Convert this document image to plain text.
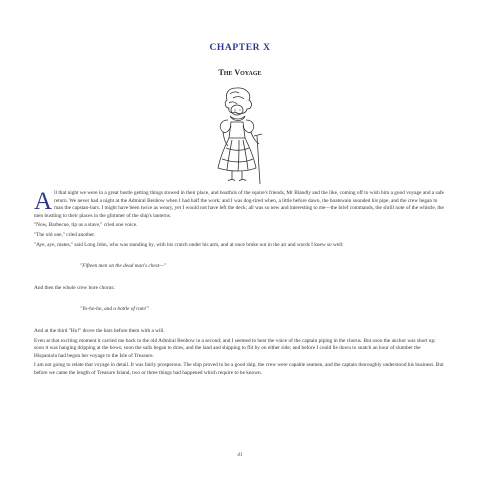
CHAPTER X
The Voyage
All that night we were in a great bustle getting things stowed in their place, and boatfuls of the squire's friends, Mr Blandly and the like, coming off to wish him a good voyage and a safe return. We never had a night at the Admiral Benbow when I had half the work; and I was dog-tired when, a little before dawn, the boatswain sounded his pipe, and the crew began to man the capstan-bars. I might have been twice as weary, yet I would not have left the deck; all was so new and interesting to me—the brief commands, the shrill note of the whistle, the men bustling to their places in the glimmer of the ship's lanterns.
"Now, Barbecue, tip us a stave," cried one voice.
"The old one," cried another.
"Aye, aye, mates," said Long John, who was standing by, with his crutch under his arm, and at once broke out in the air and words I knew so well:
"Fifteen men on the dead man's chest—"
And then the whole crew bore chorus:
"Yo-ho-ho, and a bottle of rum!"
And at the third "Ho!" drove the bars before them with a will.
Even at that exciting moment it carried me back to the old Admiral Benbow in a second; and I seemed to hear the voice of the captain piping in the chorus. But soon the anchor was short up; soon it was hanging dripping at the bows; soon the sails began to draw, and the land and shipping to flit by on either side; and before I could lie down to snatch an hour of slumber the Hispaniola had begun her voyage to the Isle of Treasure.
I am not going to relate that voyage in detail. It was fairly prosperous. The ship proved to be a good ship, the crew were capable seamen, and the captain thoroughly understood his business. But before we came the length of Treasure Island, two or three things had happened which require to be known.
41
